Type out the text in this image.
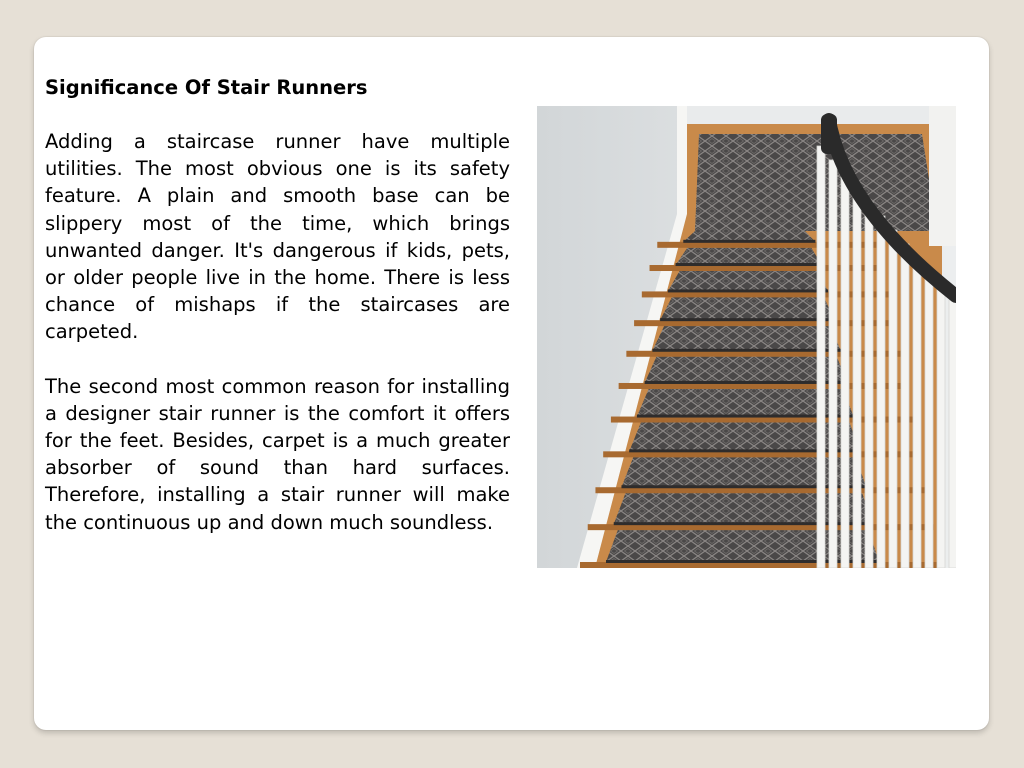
Significance Of Stair Runners

Adding a staircase runner have multiple utilities. The most obvious one is its safety feature. A plain and smooth base can be slippery most of the time, which brings unwanted danger. It's dangerous if kids, pets, or older people live in the home. There is less chance of mishaps if the staircases are carpeted.

The second most common reason for installing a designer stair runner is the comfort it offers for the feet. Besides, carpet is a much greater absorber of sound than hard surfaces. Therefore, installing a stair runner will make the continuous up and down much soundless.
